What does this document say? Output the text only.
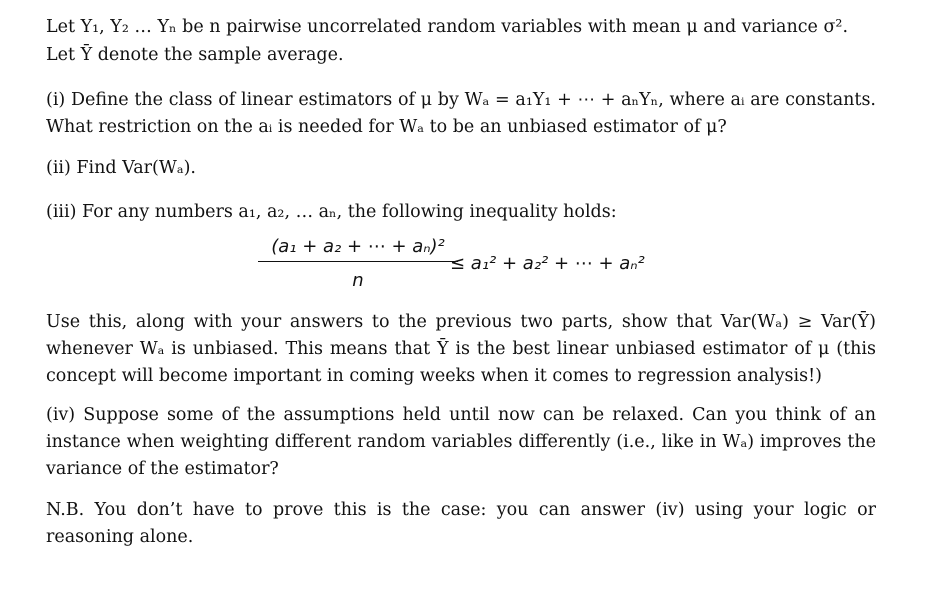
Let Y₁, Y₂ … Yₙ be n pairwise uncorrelated random variables with mean μ and variance σ².

Let Ȳ denote the sample average.

(i) Define the class of linear estimators of μ by Wₐ = a₁Y₁ + ⋯ + aₙYₙ, where aᵢ are constants. What restriction on the aᵢ is needed for Wₐ to be an unbiased estimator of μ?

(ii) Find Var(Wₐ).

(iii) For any numbers a₁, a₂, … aₙ, the following inequality holds:

$\frac{\text{(a₁ + a₂ + ⋯ + aₙ)²}}{n}$
≤ a₁² + a₂² + ⋯ + aₙ²

Use this, along with your answers to the previous two parts, show that Var(Wₐ) ≥ Var(Ȳ) whenever Wₐ is unbiased. This means that Ȳ is the best linear unbiased estimator of μ (this concept will become important in coming weeks when it comes to regression analysis!)

(iv) Suppose some of the assumptions held until now can be relaxed. Can you think of an instance when weighting different random variables differently (i.e., like in Wₐ) improves the variance of the estimator?

N.B. You don’t have to prove this is the case: you can answer (iv) using your logic or reasoning alone.
